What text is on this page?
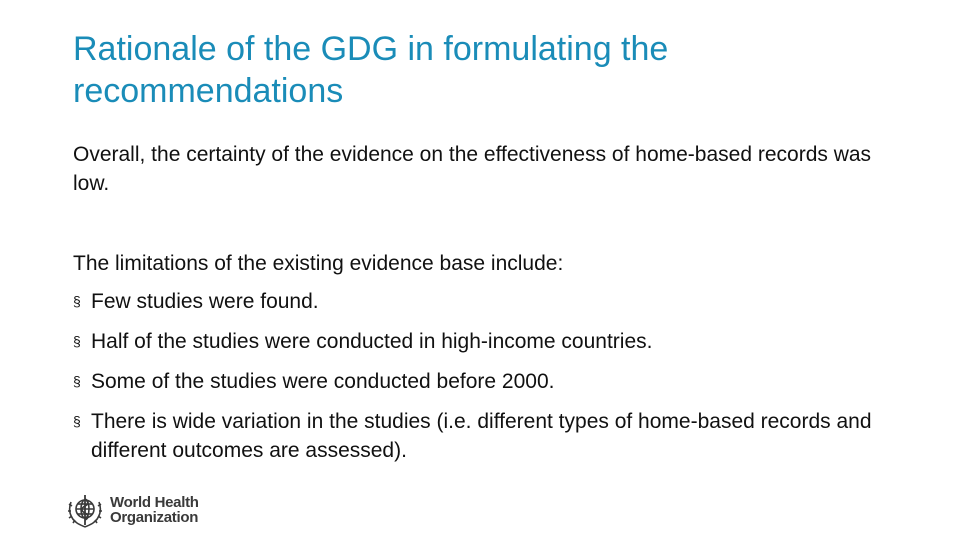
Rationale of the GDG in formulating the recommendations

Overall, the certainty of the evidence on the effectiveness of home-based records was low.

The limitations of the existing evidence base include:

§ Few studies were found.
§ Half of the studies were conducted in high-income countries.
§ Some of the studies were conducted before 2000.
§ There is wide variation in the studies (i.e. different types of home-based records and different outcomes are assessed).
World Health
Organization
